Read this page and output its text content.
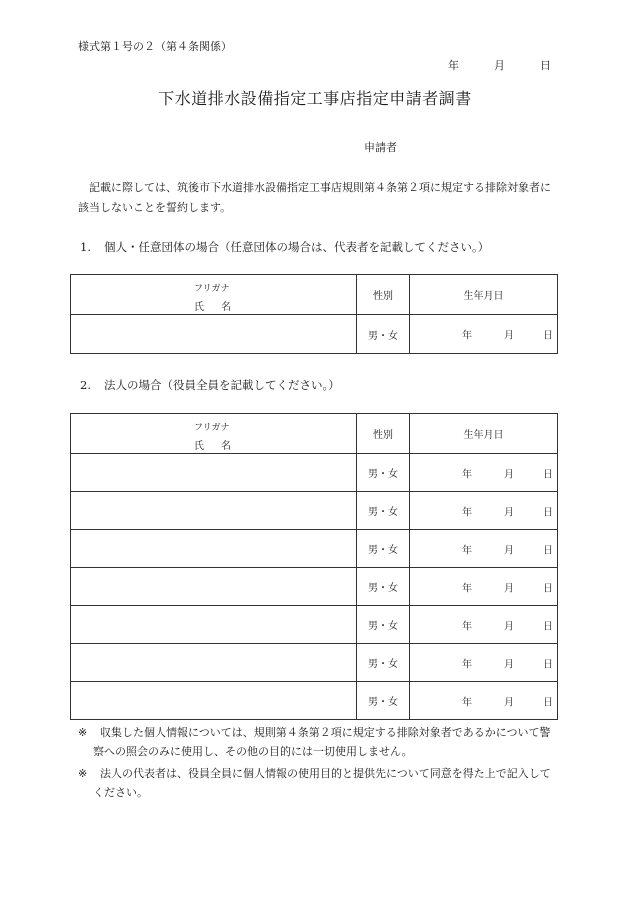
様式第１号の２（第４条関係）
年	月	日
下水道排水設備指定工事店指定申請者調書
申請者
記載に際しては、筑後市下水道排水設備指定工事店規則第４条第２項に規定する排除対象者に
該当しないことを誓約します。
1. 個人・任意団体の場合（任意団体の場合は、代表者を記載してください。）
フリガナ
氏 名	性別	生年月日
	男・女	年 月 日
2. 法人の場合（役員全員を記載してください。）
フリガナ
氏 名	性別	生年月日
	男・女	年 月 日

	男・女	年 月 日

	男・女	年 月 日

	男・女	年 月 日

	男・女	年 月 日

	男・女	年 月 日

	男・女	年 月 日
※ 収集した個人情報については、規則第４条第２項に規定する排除対象者であるかについて警
察への照会のみに使用し、その他の目的には一切使用しません。
※ 法人の代表者は、役員全員に個人情報の使用目的と提供先について同意を得た上で記入して
ください。
